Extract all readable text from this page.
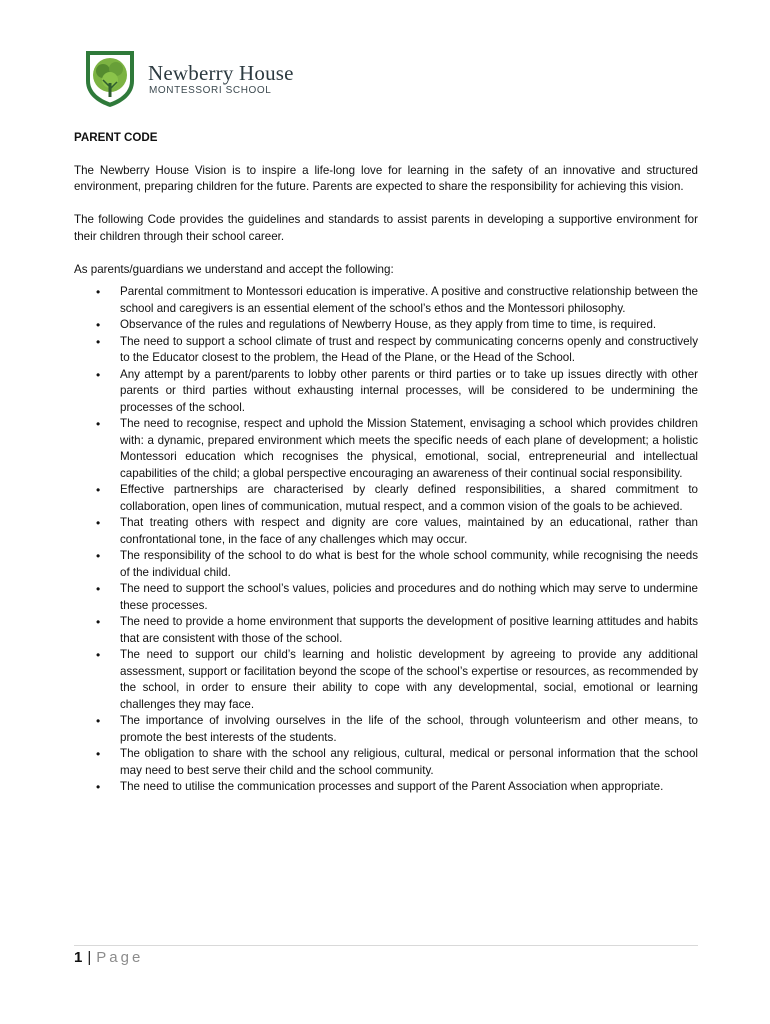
Newberry House
MONTESSORI SCHOOL
PARENT CODE

The Newberry House Vision is to inspire a life-long love for learning in the safety of an innovative and structured environment, preparing children for the future. Parents are expected to share the responsibility for achieving this vision.

The following Code provides the guidelines and standards to assist parents in developing a supportive environment for their children through their school career.

As parents/guardians we understand and accept the following:

• Parental commitment to Montessori education is imperative. A positive and constructive relationship between the school and caregivers is an essential element of the school’s ethos and the Montessori philosophy.
• Observance of the rules and regulations of Newberry House, as they apply from time to time, is required.
• The need to support a school climate of trust and respect by communicating concerns openly and constructively to the Educator closest to the problem, the Head of the Plane, or the Head of the School.
• Any attempt by a parent/parents to lobby other parents or third parties or to take up issues directly with other parents or third parties without exhausting internal processes, will be considered to be undermining the processes of the school.
• The need to recognise, respect and uphold the Mission Statement, envisaging a school which provides children with: a dynamic, prepared environment which meets the specific needs of each plane of development; a holistic Montessori education which recognises the physical, emotional, social, entrepreneurial and intellectual capabilities of the child; a global perspective encouraging an awareness of their continual social responsibility.
• Effective partnerships are characterised by clearly defined responsibilities, a shared commitment to collaboration, open lines of communication, mutual respect, and a common vision of the goals to be achieved.
• That treating others with respect and dignity are core values, maintained by an educational, rather than confrontational tone, in the face of any challenges which may occur.
• The responsibility of the school to do what is best for the whole school community, while recognising the needs of the individual child.
• The need to support the school’s values, policies and procedures and do nothing which may serve to undermine these processes.
• The need to provide a home environment that supports the development of positive learning attitudes and habits that are consistent with those of the school.
• The need to support our child’s learning and holistic development by agreeing to provide any additional assessment, support or facilitation beyond the scope of the school’s expertise or resources, as recommended by the school, in order to ensure their ability to cope with any developmental, social, emotional or learning challenges they may face.
• The importance of involving ourselves in the life of the school, through volunteerism and other means, to promote the best interests of the students.
• The obligation to share with the school any religious, cultural, medical or personal information that the school may need to best serve their child and the school community.
• The need to utilise the communication processes and support of the Parent Association when appropriate.
1 | Page
